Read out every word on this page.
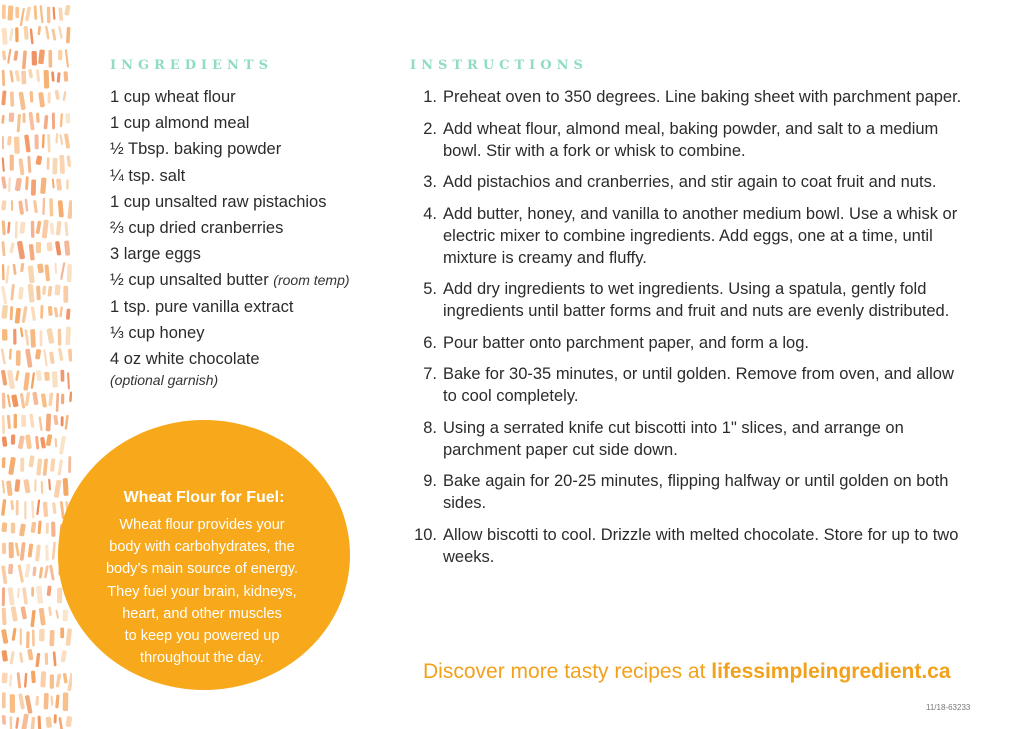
INGREDIENTS
1 cup wheat flour
1 cup almond meal
½ Tbsp. baking powder
¼ tsp. salt
1 cup unsalted raw pistachios
⅔ cup dried cranberries
3 large eggs
½ cup unsalted butter (room temp)
1 tsp. pure vanilla extract
⅓ cup honey
4 oz white chocolate
(optional garnish)
INSTRUCTIONS
1. Preheat oven to 350 degrees. Line baking sheet with parchment paper.
2. Add wheat flour, almond meal, baking powder, and salt to a medium bowl. Stir with a fork or whisk to combine.
3. Add pistachios and cranberries, and stir again to coat fruit and nuts.
4. Add butter, honey, and vanilla to another medium bowl. Use a whisk or electric mixer to combine ingredients. Add eggs, one at a time, until mixture is creamy and fluffy.
5. Add dry ingredients to wet ingredients. Using a spatula, gently fold ingredients until batter forms and fruit and nuts are evenly distributed.
6. Pour batter onto parchment paper, and form a log.
7. Bake for 30-35 minutes, or until golden. Remove from oven, and allow to cool completely.
8. Using a serrated knife cut biscotti into 1" slices, and arrange on parchment paper cut side down.
9. Bake again for 20-25 minutes, flipping halfway or until golden on both sides.
10. Allow biscotti to cool. Drizzle with melted chocolate. Store for up to two weeks.
Wheat Flour for Fuel:
Wheat flour provides your
body with carbohydrates, the
body’s main source of energy.
They fuel your brain, kidneys,
heart, and other muscles
to keep you powered up
throughout the day.
Discover more tasty recipes at lifessimpleingredient.ca
11/18-63233
